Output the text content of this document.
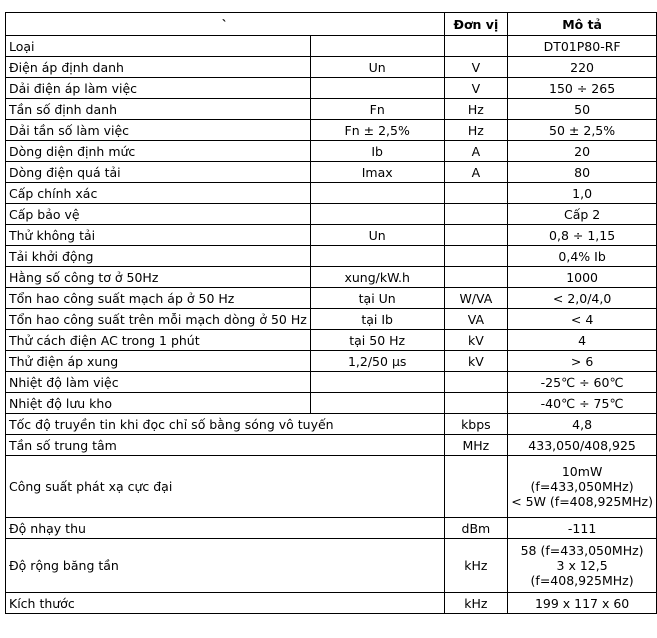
`		Đơn vị	Mô tả
Loại			DT01P80-RF
Điện áp định danh	Un	V	220
Dải điện áp làm việc		V	150 ÷ 265
Tần số định danh	Fn	Hz	50
Dải tần số làm việc	Fn ± 2,5%	Hz	50 ± 2,5%
Dòng diện định mức	Ib	A	20
Dòng điện quá tải	Imax	A	80
Cấp chính xác			1,0
Cấp bảo vệ			Cấp 2
Thử không tải	Un		0,8 ÷ 1,15
Tải khởi động			0,4% Ib
Hằng số công tơ ở 50Hz	xung/kW.h		1000
Tổn hao công suất mạch áp ở 50 Hz	tại Un	W/VA	< 2,0/4,0
Tổn hao công suất trên mỗi mạch dòng ở 50 Hz	tại Ib	VA	< 4
Thử cách điện AC trong 1 phút	tại 50 Hz	kV	4
Thử điện áp xung	1,2/50 µs	kV	> 6
Nhiệt độ làm việc			-25℃ ÷ 60℃
Nhiệt độ lưu kho			-40℃ ÷ 75℃
Tốc độ truyền tin khi đọc chỉ số bằng sóng vô tuyến		kbps	4,8
Tần số trung tâm		MHz	433,050/408,925
Công suất phát xạ cực đại			10mW
(f=433,050MHz)
< 5W (f=408,925MHz)

Độ nhạy thu		dBm	-111
Độ rộng băng tần		kHz	58 (f=433,050MHz)
3 x 12,5
(f=408,925MHz)

Kích thước		kHz	199 x 117 x 60
